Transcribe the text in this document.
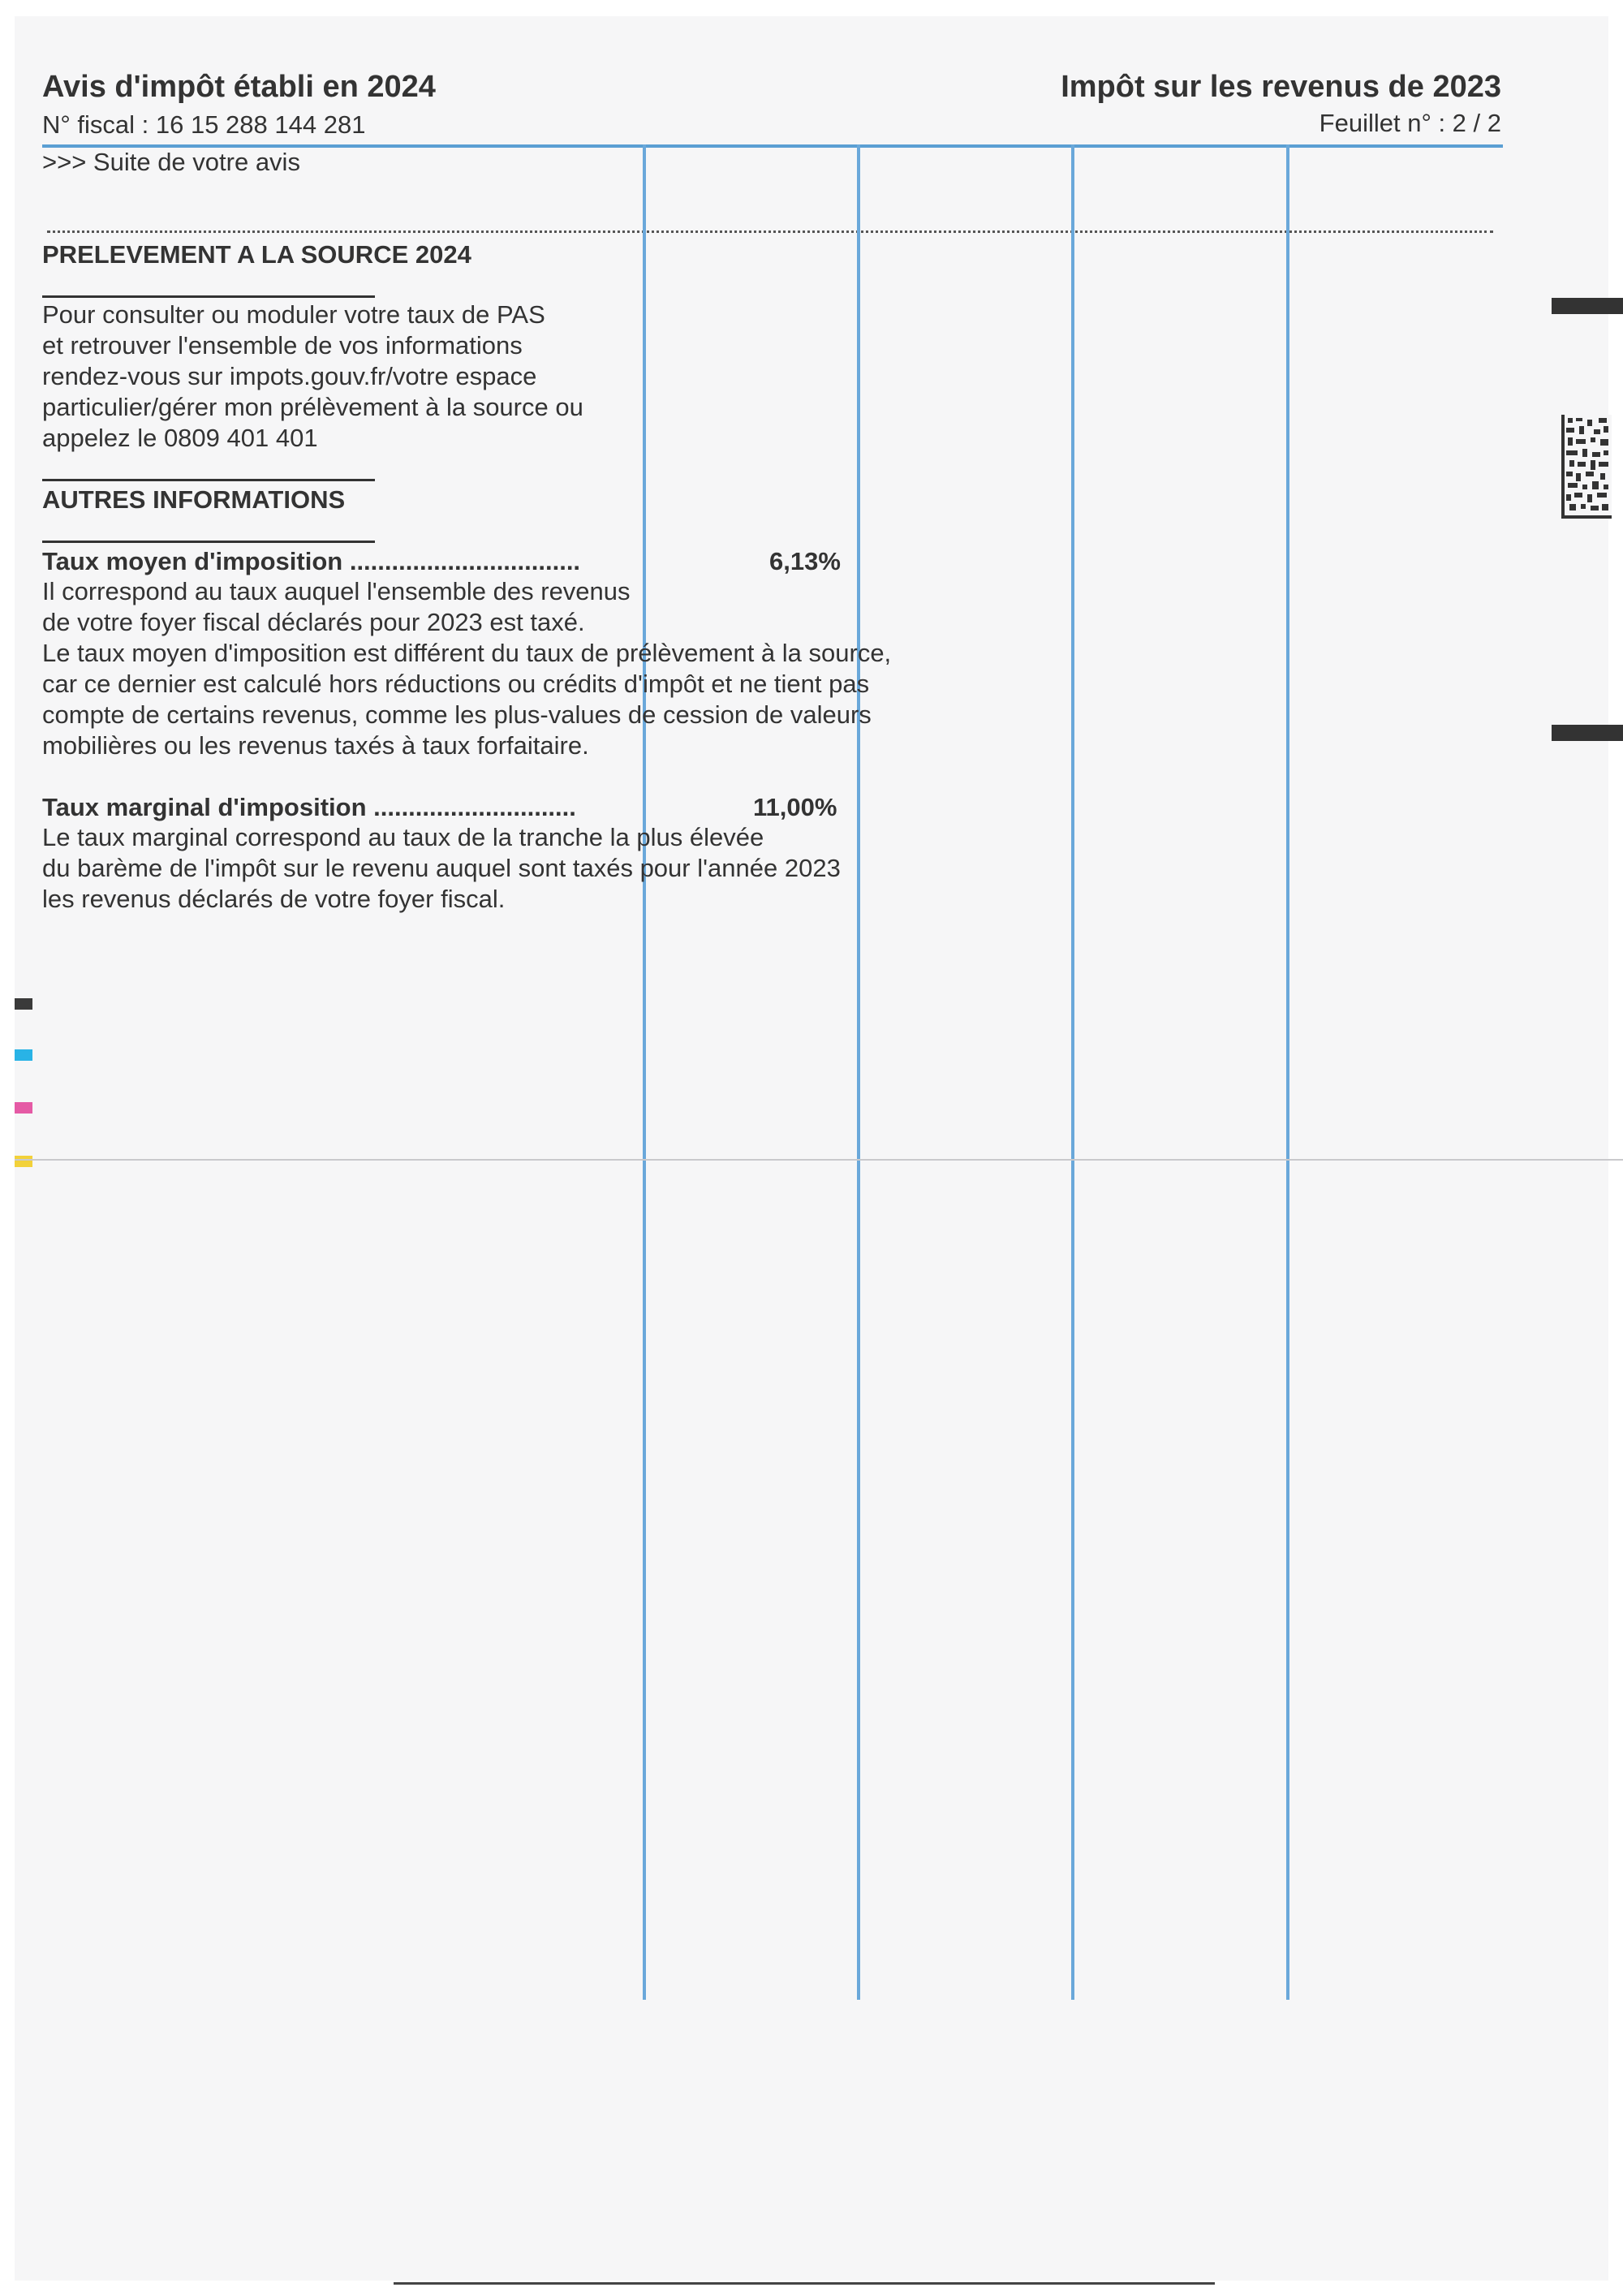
Avis d'impôt établi en 2024
N° fiscal : 16 15 288 144 281
>>> Suite de votre avis
Impôt sur les revenus de 2023
Feuillet n° : 2 / 2
PRELEVEMENT A LA SOURCE 2024
Pour consulter ou moduler votre taux de PAS
et retrouver l'ensemble de vos informations
rendez-vous sur impots.gouv.fr/votre espace
particulier/gérer mon prélèvement à la source ou
appelez le 0809 401 401
AUTRES INFORMATIONS
Taux moyen d'imposition .................................	6,13%
Il correspond au taux auquel l'ensemble des revenus
de votre foyer fiscal déclarés pour 2023 est taxé.
Le taux moyen d'imposition est différent du taux de prélèvement à la source,
car ce dernier est calculé hors réductions ou crédits d'impôt et ne tient pas
compte de certains revenus, comme les plus-values de cession de valeurs
mobilières ou les revenus taxés à taux forfaitaire.
Taux marginal d'imposition .............................	11,00%
Le taux marginal correspond au taux de la tranche la plus élevée
du barème de l'impôt sur le revenu auquel sont taxés pour l'année 2023
les revenus déclarés de votre foyer fiscal.
